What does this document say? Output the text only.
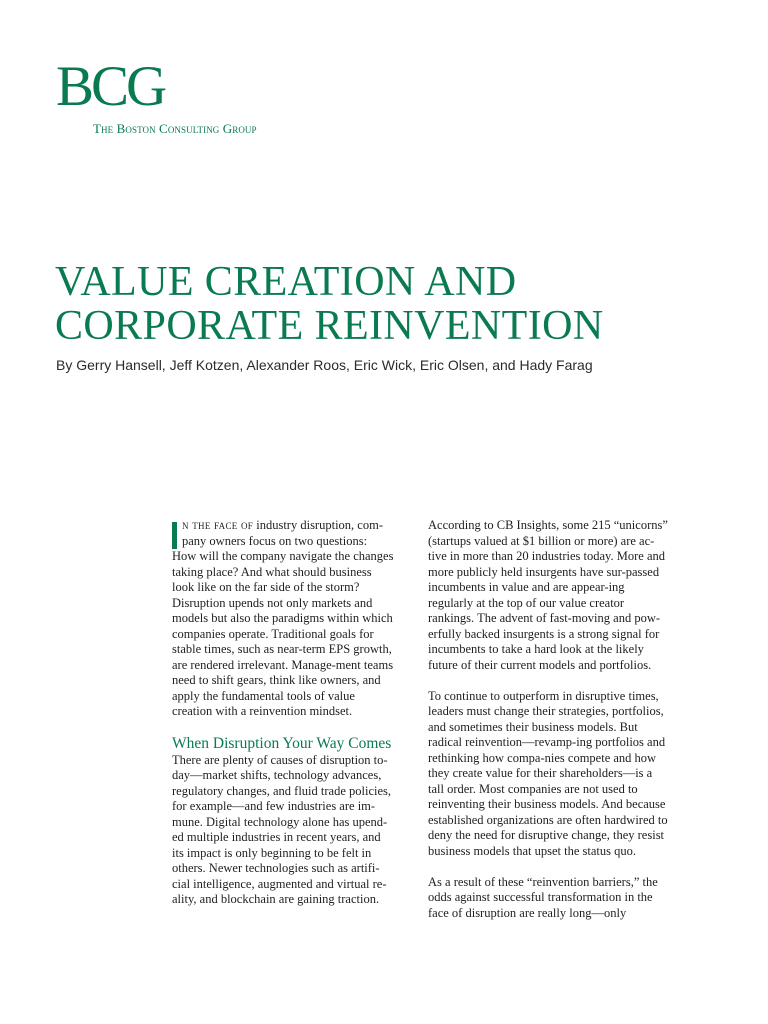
BCG
The Boston Consulting Group
VALUE CREATION AND
CORPORATE REINVENTION
By Gerry Hansell, Jeff Kotzen, Alexander Roos, Eric Wick, Eric Olsen, and Hady Farag

n the face of industry disruption, com-pany owners focus on two questions: How will the company navigate the changes taking place? And what should business look like on the far side of the storm? Disruption upends not only markets and models but also the paradigms within which companies operate. Traditional goals for stable times, such as near-term EPS growth, are rendered irrelevant. Manage-ment teams need to shift gears, think like owners, and apply the fundamental tools of value creation with a reinvention mindset.

When Disruption Your Way Comes

There are plenty of causes of disruption to-day—market shifts, technology advances, regulatory changes, and fluid trade policies, for example—and few industries are im-mune. Digital technology alone has upend-ed multiple industries in recent years, and its impact is only beginning to be felt in others. Newer technologies such as artifi-cial intelligence, augmented and virtual re-ality, and blockchain are gaining traction.

According to CB Insights, some 215 “unicorns” (startups valued at $1 billion or more) are ac-tive in more than 20 industries today. More and more publicly held insurgents have sur-passed incumbents in value and are appear-ing regularly at the top of our value creator rankings. The advent of fast-moving and pow-erfully backed insurgents is a strong signal for incumbents to take a hard look at the likely future of their current models and portfolios.

To continue to outperform in disruptive times, leaders must change their strategies, portfolios, and sometimes their business models. But radical reinvention—revamp-ing portfolios and rethinking how compa-nies compete and how they create value for their shareholders—is a tall order. Most companies are not used to reinventing their business models. And because established organizations are often hardwired to deny the need for disruptive change, they resist business models that upset the status quo.

As a result of these “reinvention barriers,” the odds against successful transformation in the face of disruption are really long—only
